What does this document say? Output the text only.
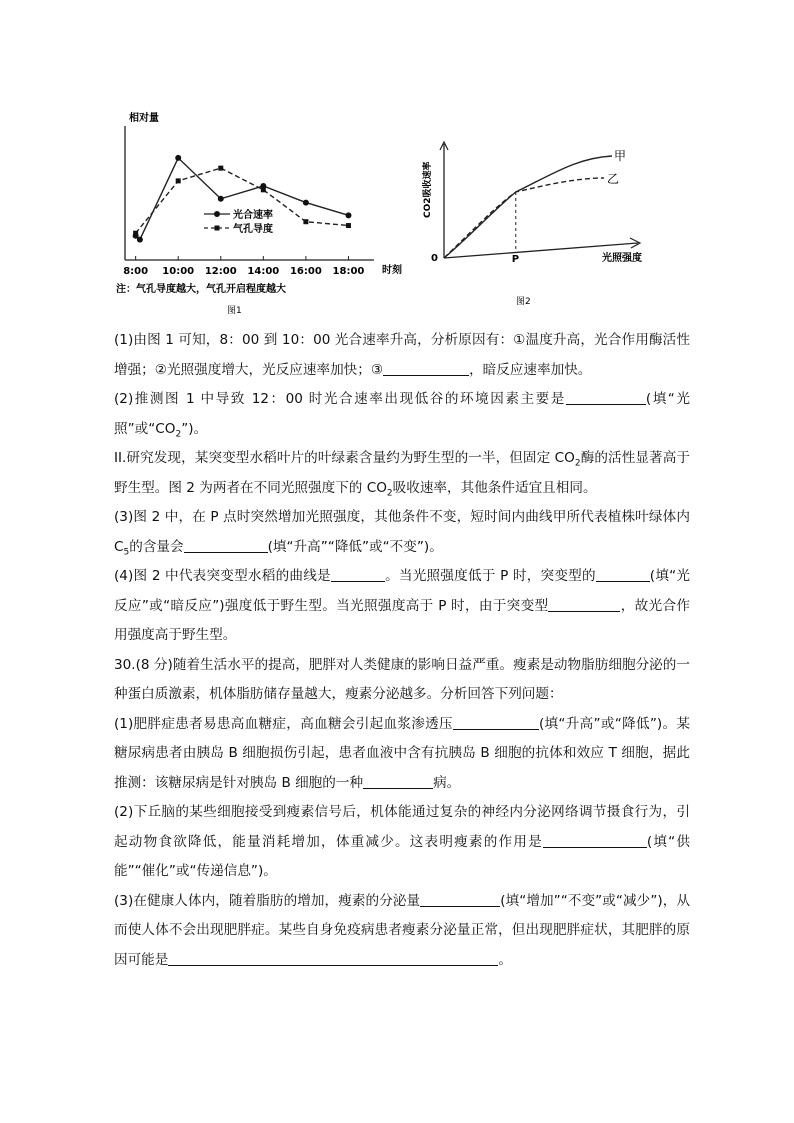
相对量
时刻
8:00 10:00 12:00 14:00 16:00 18:00
光合速率
气孔导度
注：气孔导度越大，气孔开启程度越大
图1
CO2吸收速率
0	光照强度
甲
乙
P
图2

(1)由图 1 可知，8：00 到 10：00 光合速率升高，分析原因有：①温度升高，光合作用酶活性增强；②光照强度增大，光反应速率加快；③	，暗反应速率加快。

(2)推测图 1 中导致 12：00 时光合速率出现低谷的环境因素主要是	(填“光照”或“$CO_2$”)。

II.研究发现，某突变型水稻叶片的叶绿素含量约为野生型的一半，但固定 $CO_2$酶的活性显著高于野生型。图 2 为两者在不同光照强度下的 $CO_2$吸收速率，其他条件适宜且相同。

(3)图 2 中，在 P 点时突然增加光照强度，其他条件不变，短时间内曲线甲所代表植株叶绿体内 $C_5$的含量会	(填“升高”“降低”或“不变”)。

(4)图 2 中代表突变型水稻的曲线是	。当光照强度低于 P 时，突变型的	(填“光反应”或“暗反应”)强度低于野生型。当光照强度高于 P 时，由于突变型	，故光合作用强度高于野生型。

30.(8 分)随着生活水平的提高，肥胖对人类健康的影响日益严重。瘦素是动物脂肪细胞分泌的一种蛋白质激素，机体脂肪储存量越大，瘦素分泌越多。分析回答下列问题：

(1)肥胖症患者易患高血糖症，高血糖会引起血浆渗透压	(填“升高”或“降低”)。某糖尿病患者由胰岛 B 细胞损伤引起，患者血液中含有抗胰岛 B 细胞的抗体和效应 T 细胞，据此推测：该糖尿病是针对胰岛 B 细胞的一种	病。

(2)下丘脑的某些细胞接受到瘦素信号后，机体能通过复杂的神经内分泌网络调节摄食行为，引起动物食欲降低，能量消耗增加，体重减少。这表明瘦素的作用是	(填“供能”“催化”或“传递信息”)。

(3)在健康人体内，随着脂肪的增加，瘦素的分泌量	(填“增加”“不变”或“减少”)，从而使人体不会出现肥胖症。某些自身免疫病患者瘦素分泌量正常，但出现肥胖症状，其肥胖的原因可能是	。
